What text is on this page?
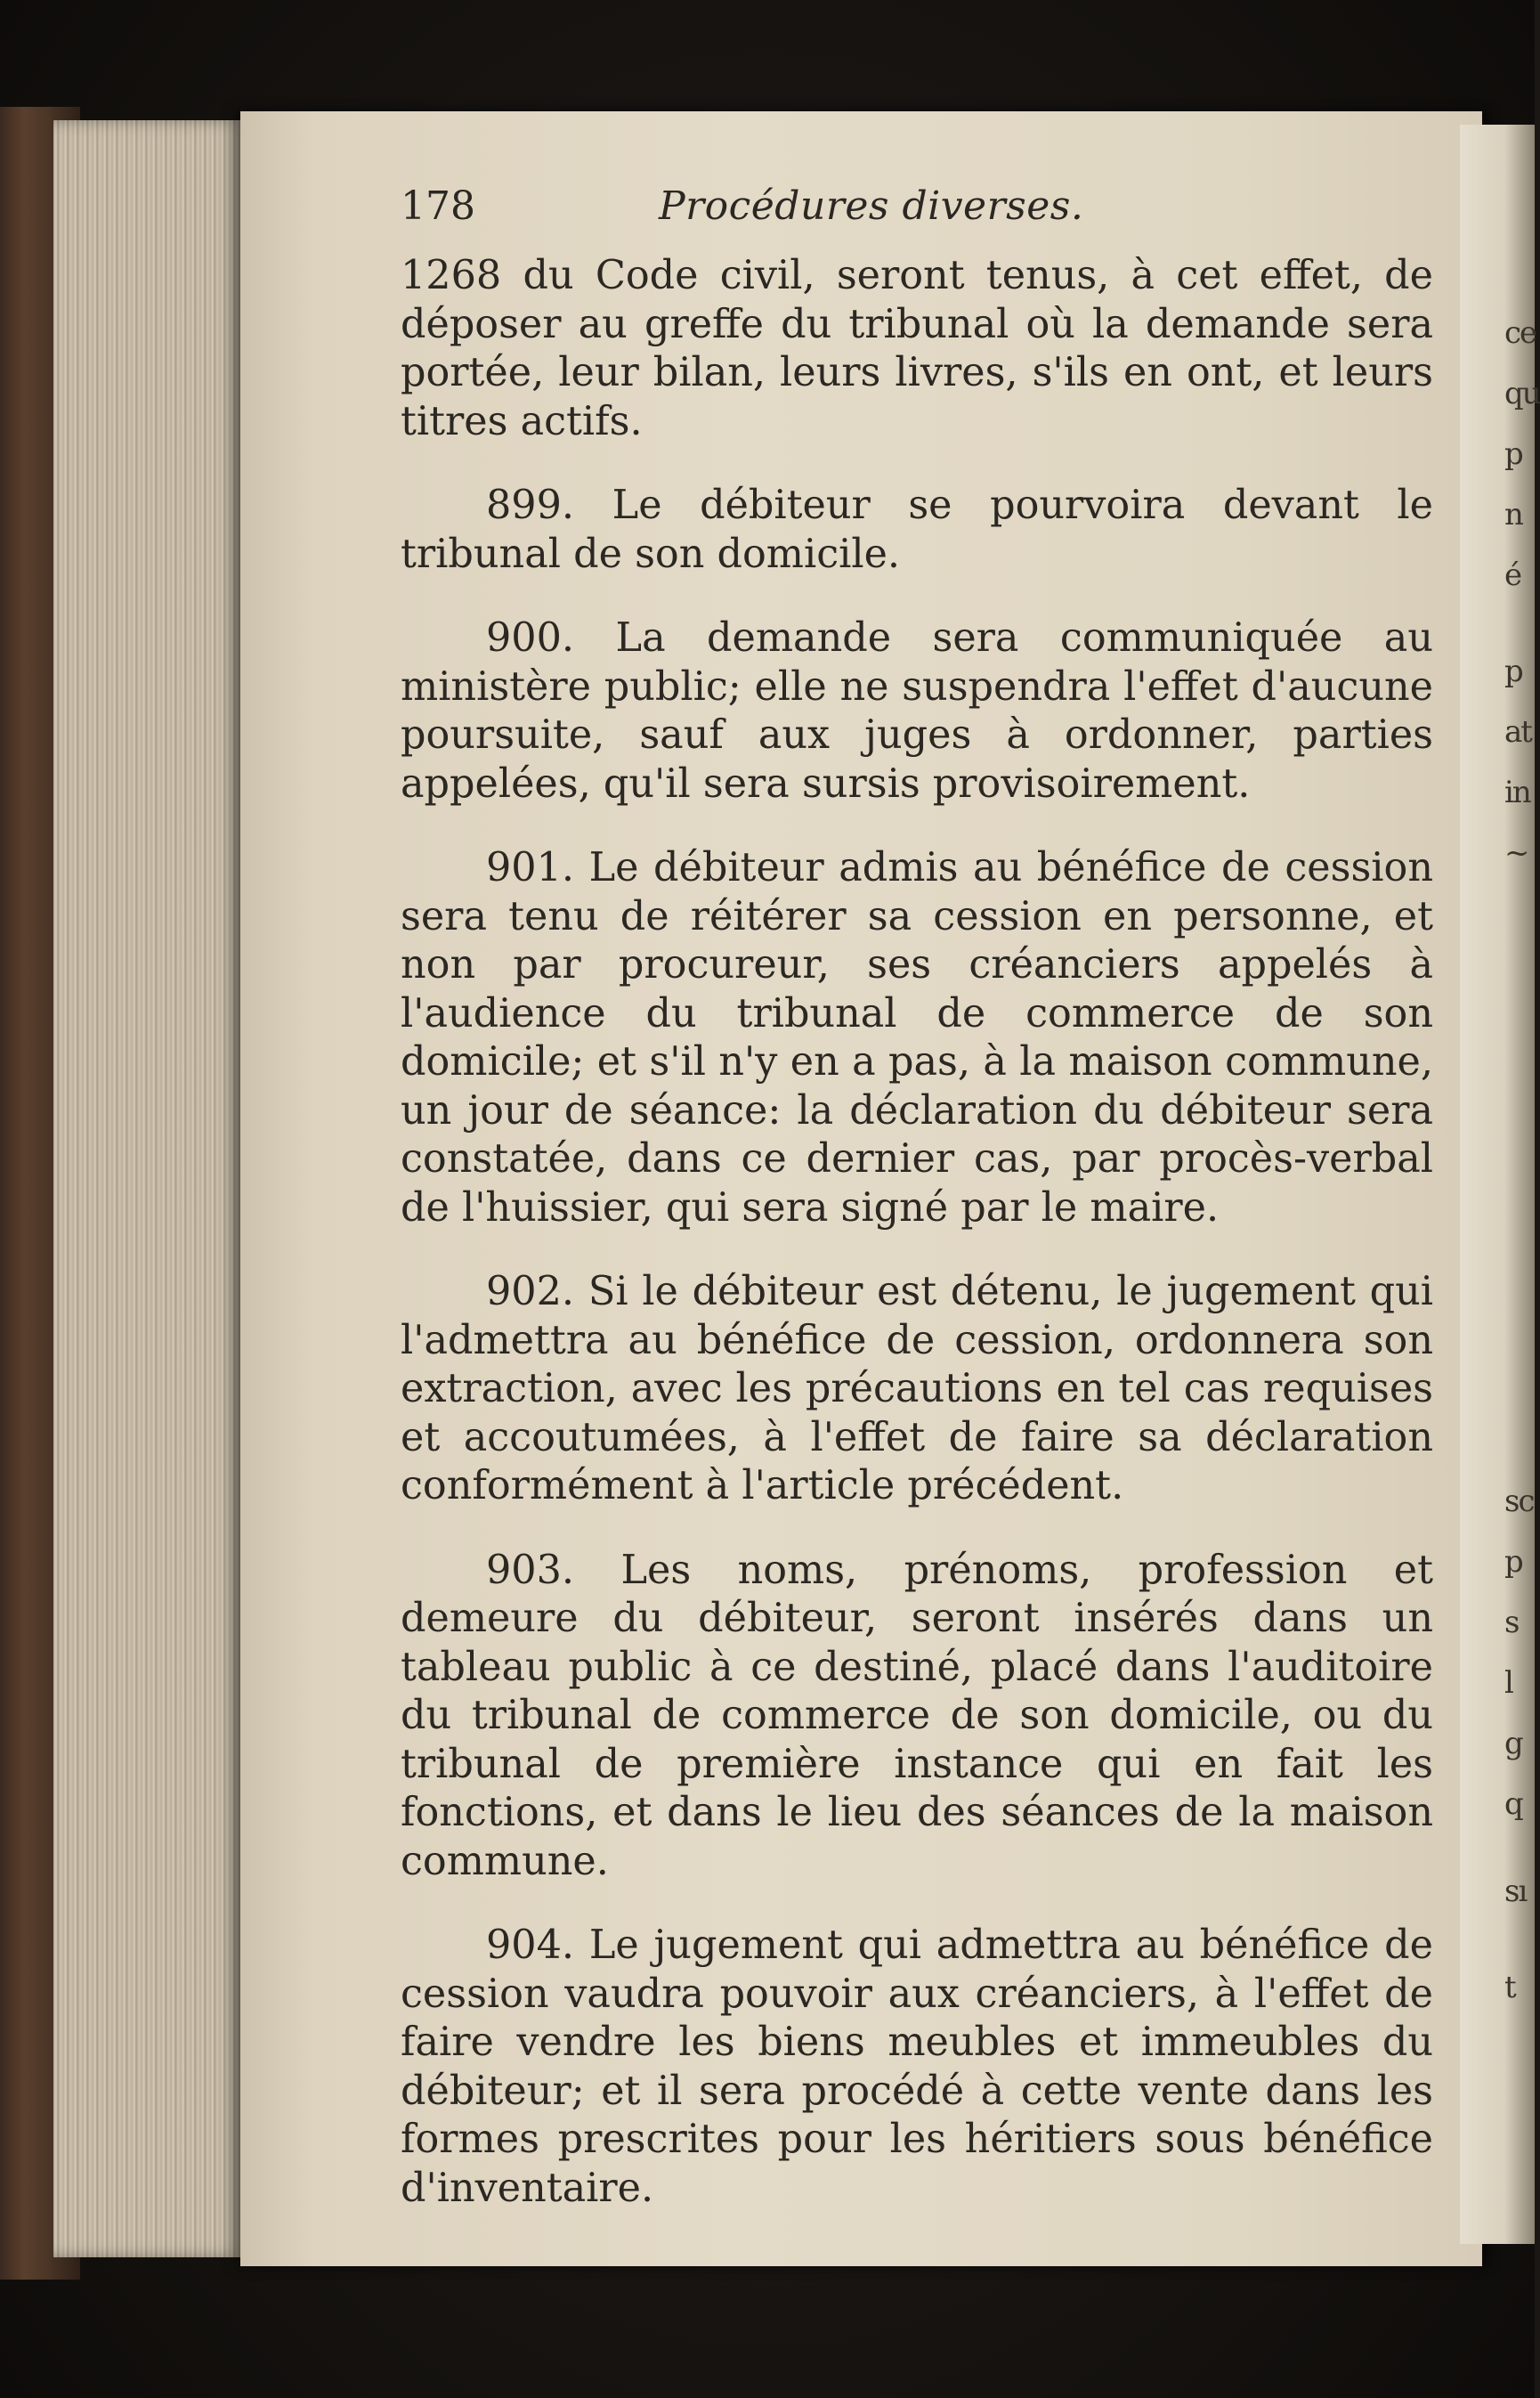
ce
qu
p
n
é
p
at
in
~
sc
p
s
l
g
q
sı
t
178	Procédures diverses.

1268 du Code civil, seront tenus, à cet effet, de déposer au greffe du tribunal où la demande sera portée, leur bilan, leurs livres, s'ils en ont, et leurs titres actifs.

899. Le débiteur se pourvoira devant le tribunal de son domicile.

900. La demande sera communiquée au ministère public; elle ne suspendra l'effet d'aucune poursuite, sauf aux juges à ordonner, parties appelées, qu'il sera sursis provisoirement.

901. Le débiteur admis au bénéfice de cession sera tenu de réitérer sa cession en personne, et non par procureur, ses créanciers appelés à l'audience du tribunal de commerce de son domicile; et s'il n'y en a pas, à la maison commune, un jour de séance: la déclaration du débiteur sera constatée, dans ce dernier cas, par procès-verbal de l'huissier, qui sera signé par le maire.

902. Si le débiteur est détenu, le jugement qui l'admettra au bénéfice de cession, ordonnera son extraction, avec les précautions en tel cas requises et accoutumées, à l'effet de faire sa déclaration conformément à l'article précédent.

903. Les noms, prénoms, profession et demeure du débiteur, seront insérés dans un tableau public à ce destiné, placé dans l'auditoire du tribunal de commerce de son domicile, ou du tribunal de première instance qui en fait les fonctions, et dans le lieu des séances de la maison commune.

904. Le jugement qui admettra au bénéfice de cession vaudra pouvoir aux créanciers, à l'effet de faire vendre les biens meubles et immeubles du débiteur; et il sera procédé à cette vente dans les formes prescrites pour les héritiers sous bénéfice d'inventaire.
